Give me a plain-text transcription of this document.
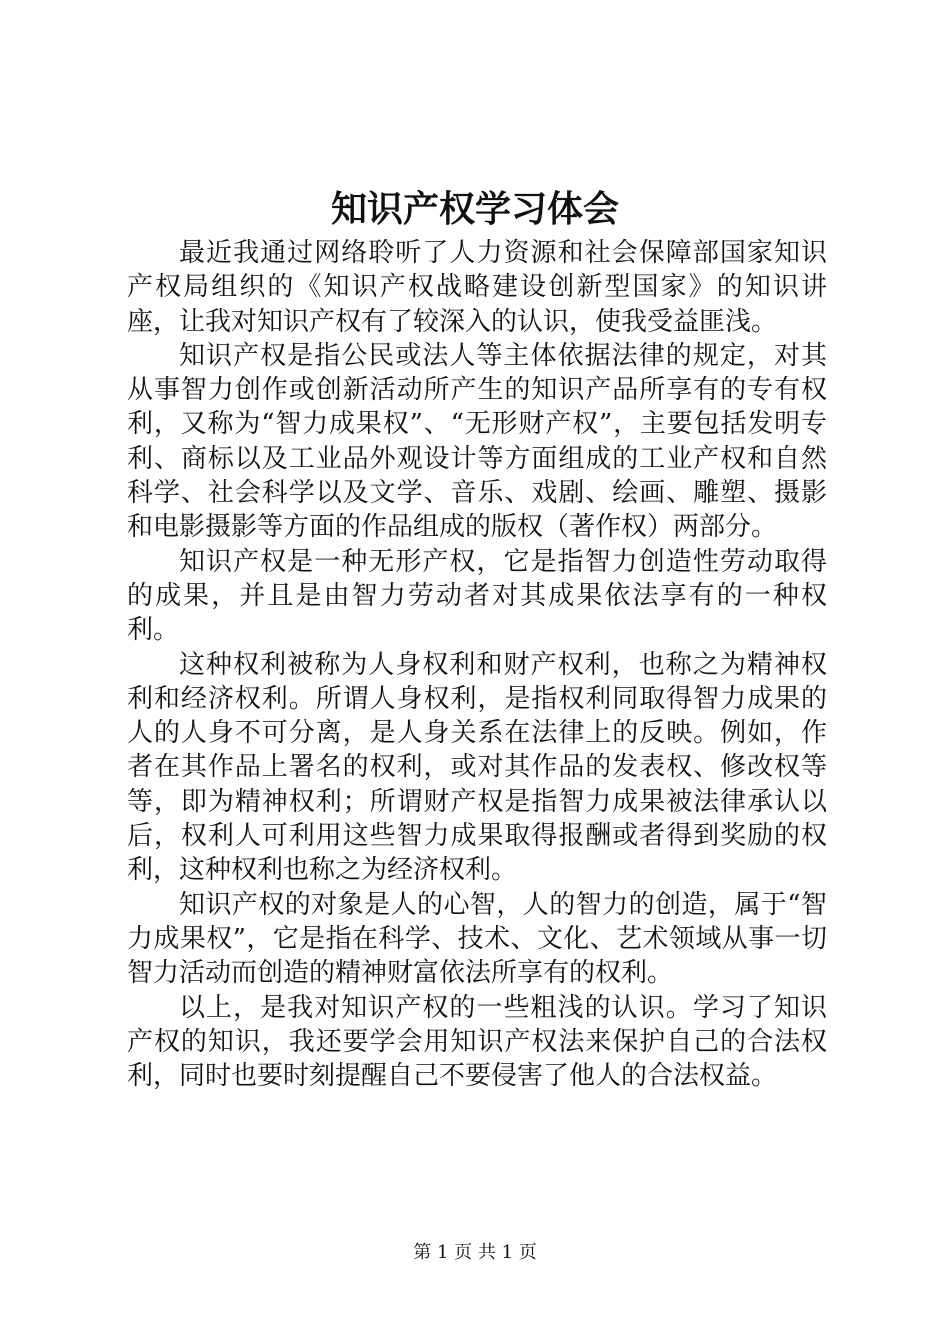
知识产权学习体会

最近我通过网络聆听了人力资源和社会保障部国家知识产权局组织的《知识产权战略建设创新型国家》的知识讲座，让我对知识产权有了较深入的认识，使我受益匪浅。

知识产权是指公民或法人等主体依据法律的规定，对其从事智力创作或创新活动所产生的知识产品所享有的专有权利，又称为“智力成果权”、“无形财产权”，主要包括发明专利、商标以及工业品外观设计等方面组成的工业产权和自然科学、社会科学以及文学、音乐、戏剧、绘画、雕塑、摄影和电影摄影等方面的作品组成的版权（著作权）两部分。

知识产权是一种无形产权，它是指智力创造性劳动取得的成果，并且是由智力劳动者对其成果依法享有的一种权利。

这种权利被称为人身权利和财产权利，也称之为精神权利和经济权利。所谓人身权利，是指权利同取得智力成果的人的人身不可分离，是人身关系在法律上的反映。例如，作者在其作品上署名的权利，或对其作品的发表权、修改权等等，即为精神权利；所谓财产权是指智力成果被法律承认以后，权利人可利用这些智力成果取得报酬或者得到奖励的权利，这种权利也称之为经济权利。

知识产权的对象是人的心智，人的智力的创造，属于“智力成果权”，它是指在科学、技术、文化、艺术领域从事一切智力活动而创造的精神财富依法所享有的权利。

以上，是我对知识产权的一些粗浅的认识。学习了知识产权的知识，我还要学会用知识产权法来保护自己的合法权利，同时也要时刻提醒自己不要侵害了他人的合法权益。

第 1 页 共 1 页
